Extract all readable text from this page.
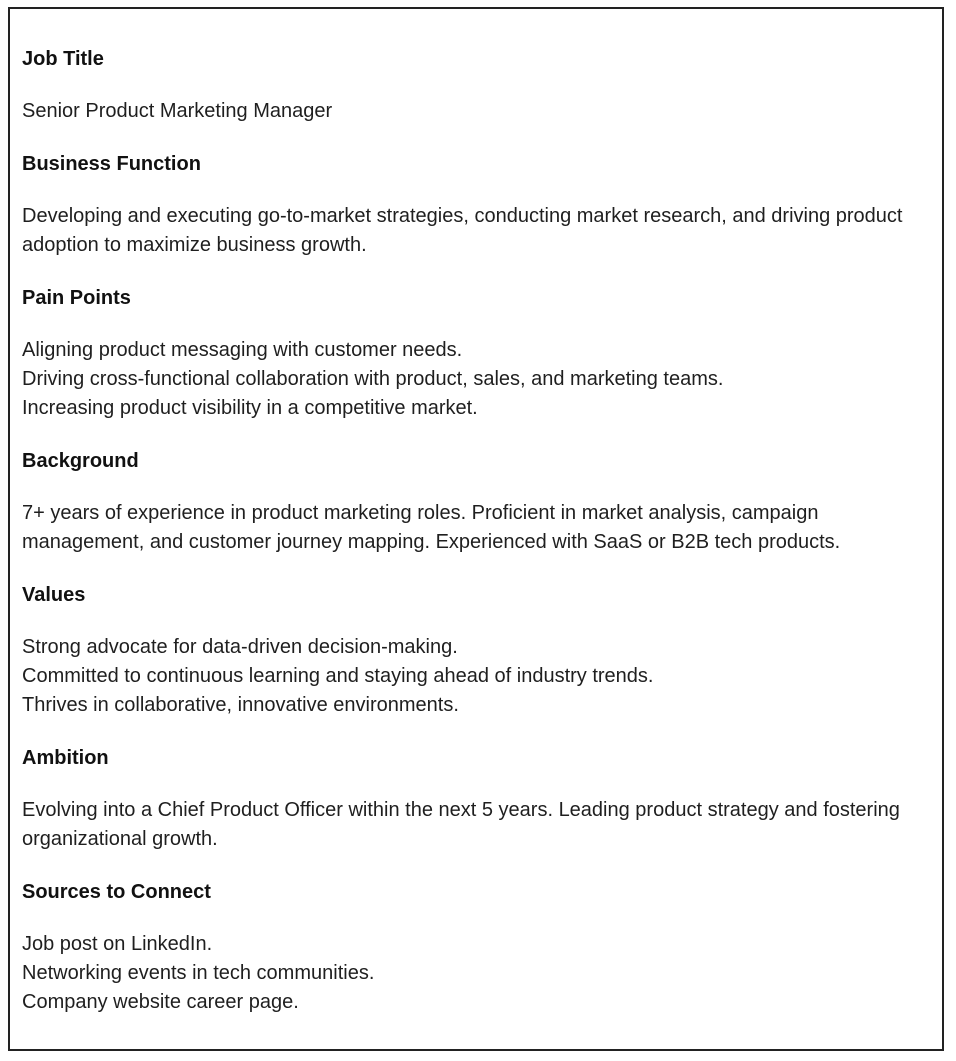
Job Title
Senior Product Marketing Manager
Business Function
Developing and executing go-to-market strategies, conducting market research, and driving product adoption to maximize business growth.
Pain Points
Aligning product messaging with customer needs.
Driving cross-functional collaboration with product, sales, and marketing teams.
Increasing product visibility in a competitive market.
Background
7+ years of experience in product marketing roles. Proficient in market analysis, campaign management, and customer journey mapping. Experienced with SaaS or B2B tech products.
Values
Strong advocate for data-driven decision-making.
Committed to continuous learning and staying ahead of industry trends.
Thrives in collaborative, innovative environments.
Ambition
Evolving into a Chief Product Officer within the next 5 years. Leading product strategy and fostering organizational growth.
Sources to Connect
Job post on LinkedIn.
Networking events in tech communities.
Company website career page.
